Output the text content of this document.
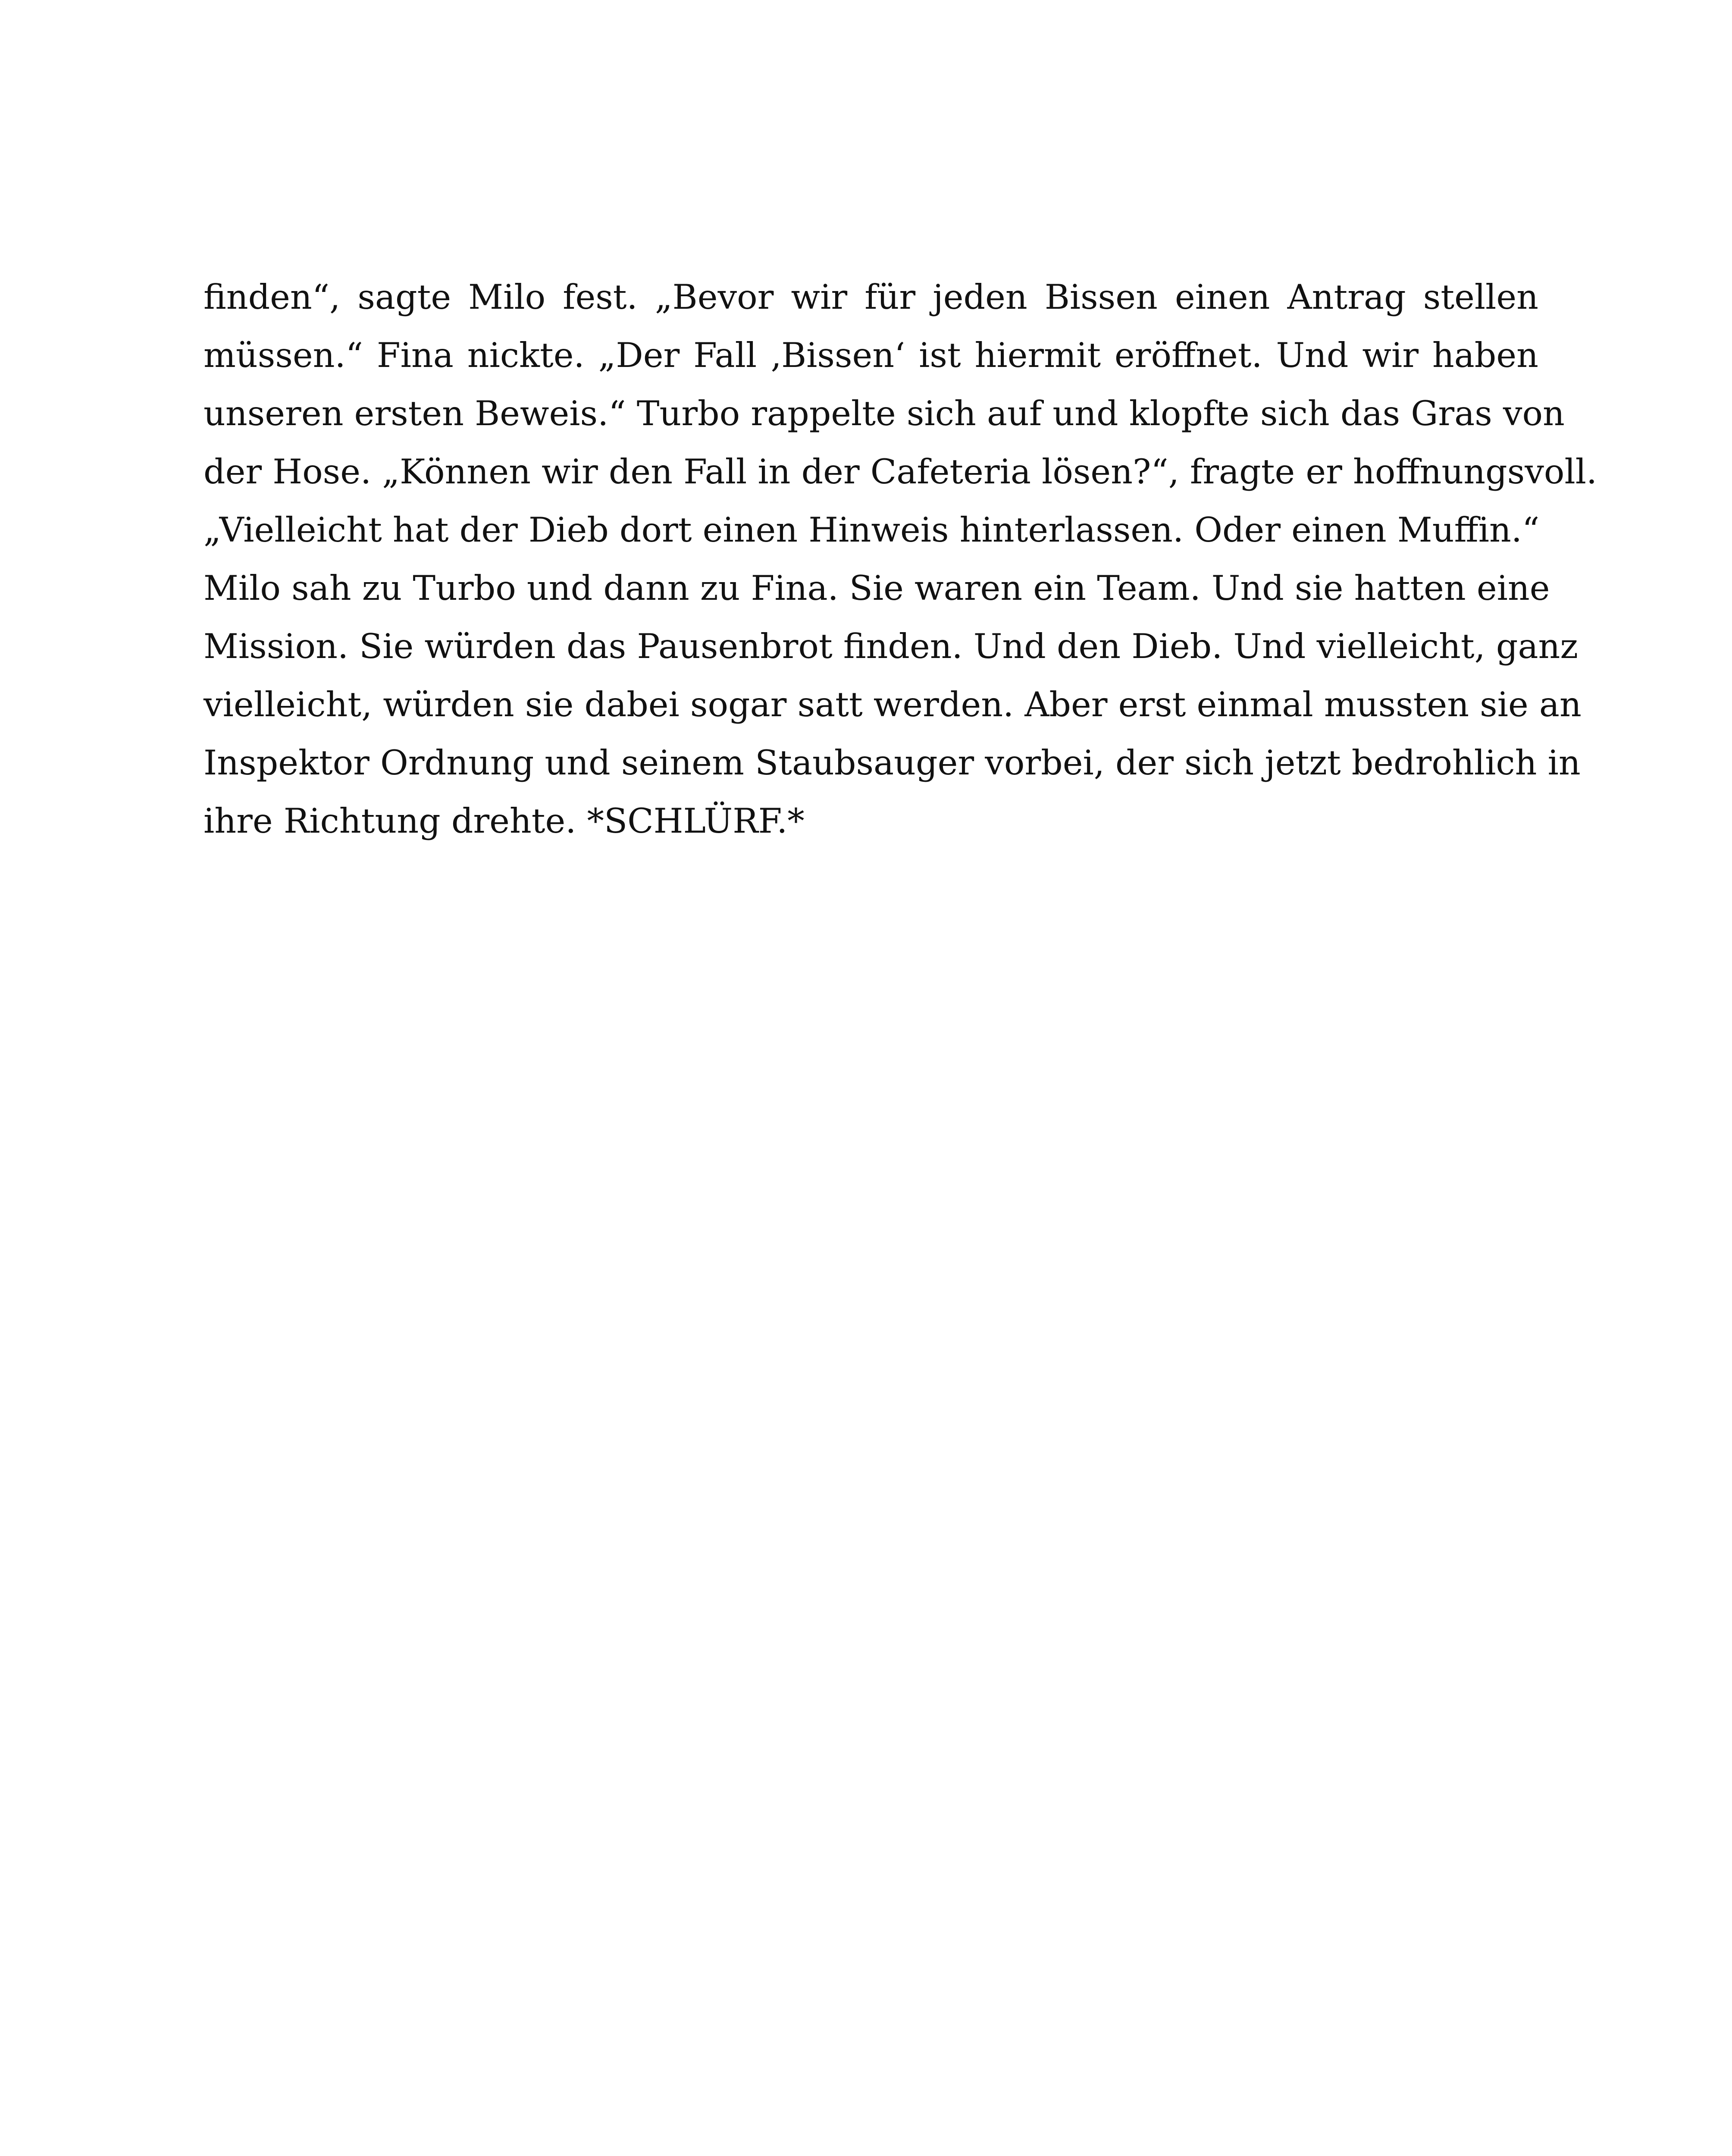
finden“, sagte Milo fest. „Bevor wir für jeden Bissen einen Antrag stellen
müssen.“ Fina nickte. „Der Fall ‚Bissen‘ ist hiermit eröffnet. Und wir haben
unseren ersten Beweis.“ Turbo rappelte sich auf und klopfte sich das Gras von
der Hose. „Können wir den Fall in der Cafeteria lösen?“, fragte er hoffnungsvoll.
„Vielleicht hat der Dieb dort einen Hinweis hinterlassen. Oder einen Muffin.“
Milo sah zu Turbo und dann zu Fina. Sie waren ein Team. Und sie hatten eine
Mission. Sie würden das Pausenbrot finden. Und den Dieb. Und vielleicht, ganz
vielleicht, würden sie dabei sogar satt werden. Aber erst einmal mussten sie an
Inspektor Ordnung und seinem Staubsauger vorbei, der sich jetzt bedrohlich in
ihre Richtung drehte. *SCHLÜRF.*
